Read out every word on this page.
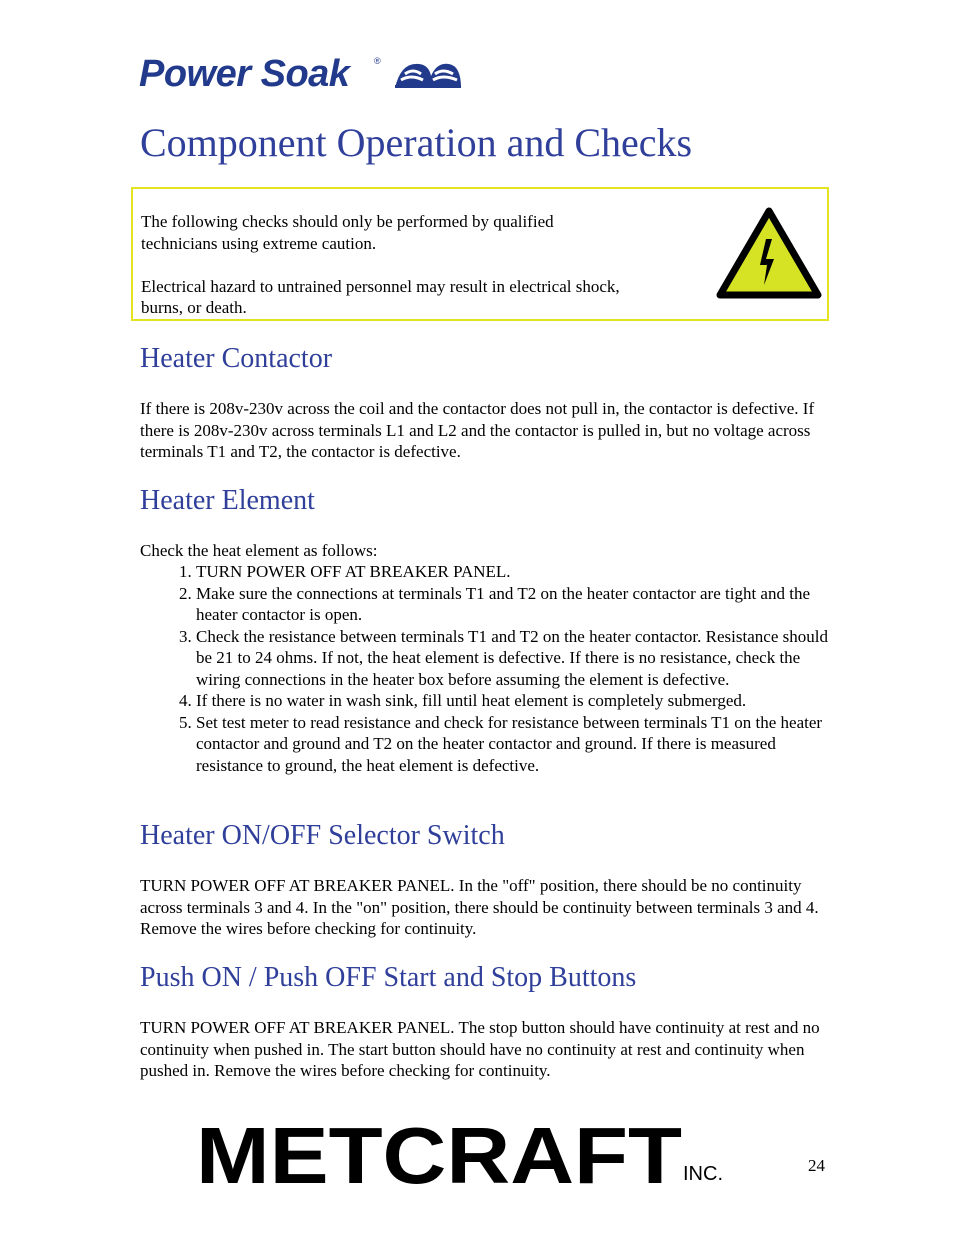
Power Soak	®
Component Operation and Checks

The following checks should only be performed by qualified technicians using extreme caution.

Electrical hazard to untrained personnel may result in electrical shock, burns, or death.

Heater Contactor

If there is 208v-230v across the coil and the contactor does not pull in, the contactor is defective. If there is 208v-230v across terminals L1 and L2 and the contactor is pulled in, but no voltage across terminals T1 and T2, the contactor is defective.

Heater Element

Check the heat element as follows:

1. TURN POWER OFF AT BREAKER PANEL.
2. Make sure the connections at terminals T1 and T2 on the heater contactor are tight and the heater contactor is open.
3. Check the resistance between terminals T1 and T2 on the heater contactor. Resistance should be 21 to 24 ohms. If not, the heat element is defective. If there is no resistance, check the wiring connections in the heater box before assuming the element is defective.
4. If there is no water in wash sink, fill until heat element is completely submerged.
5. Set test meter to read resistance and check for resistance between terminals T1 on the heater contactor and ground and T2 on the heater contactor and ground. If there is measured resistance to ground, the heat element is defective.
Heater ON/OFF Selector Switch

TURN POWER OFF AT BREAKER PANEL. In the "off" position, there should be no continuity across terminals 3 and 4. In the "on" position, there should be continuity between terminals 3 and 4. Remove the wires before checking for continuity.

Push ON / Push OFF Start and Stop Buttons

TURN POWER OFF AT BREAKER PANEL. The stop button should have continuity at rest and no continuity when pushed in. The start button should have no continuity at rest and continuity when pushed in. Remove the wires before checking for continuity.

METCRAFT INC.	24
